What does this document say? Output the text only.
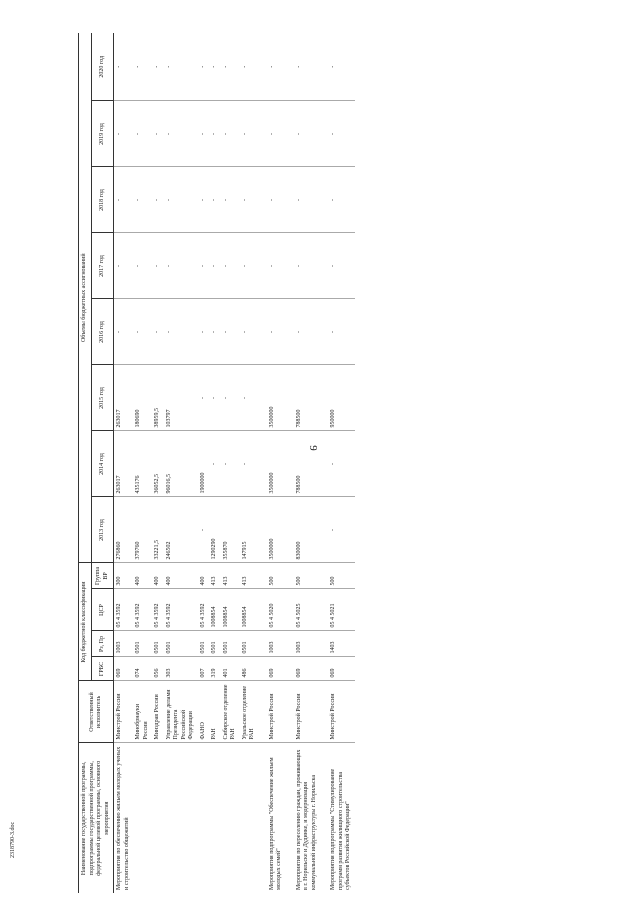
9
2318790-3.doc	Наименование государственной программы, подпрограммы государственной программы, федеральной целевой программы, основного мероприятия	Ответственный исполнитель	Код бюджетной классификации				Объемы бюджетных ассигнований							
		ГРБС	Рз, Пр	ЦСР	Группа ВР	2013 год	2014 год	2015 год	2016 год	2017 год	2018 год	2019 год	2020 год
Мероприятия по обеспечению жильем молодых ученых и строительство общежитий	Минстрой России	069	1003	05 4 3592	300	276860	263017	263017	-	-	-	-	-
	Минобрнауки России	074	0501	05 4 3592	400	379760	435176	180690	-	-	-	-	-
	Минздрав России	056	0501	05 4 3592	400	33221,5	36052,5	38959,5	-	-	-	-	-
	Управление делами Президента Российской Федерации	303	0501	05 4 3592	400	246502	96016,5	103797	-	-	-	-	-
	ФАНО	007	0501	05 4 3592	400	-	1900000	-	-	-	-	-	-
	РАН	319	0501	1008854	413	1290290	-	-	-	-	-	-	-
	Сибирское отделение РАН	401	0501	1008854	413	355870	-	-	-	-	-	-	-
	Уральское отделение РАН	486	0501	1008854	413	147915	-	-	-	-	-	-	-
Мероприятия подпрограммы "Обеспечение жильем молодых семей"	Минстрой России	069	1003	05 4 5020	500	3500000	3500000	3500000	-	-	-	-	-
Мероприятия по переселению граждан, проживающих в г. Норильске и Дудинке, и модернизация коммунальной инфраструктуры г. Норильска	Минстрой России	069	1003	05 4 5025	500	830000	788500	788500	-	-	-	-	-
Мероприятия подпрограммы "Стимулирование программ развития жилищного строительства субъектов Российской Федерации"	Минстрой России	069	1403	05 4 5021	500	-	-	950000	-	-	-	-	-
